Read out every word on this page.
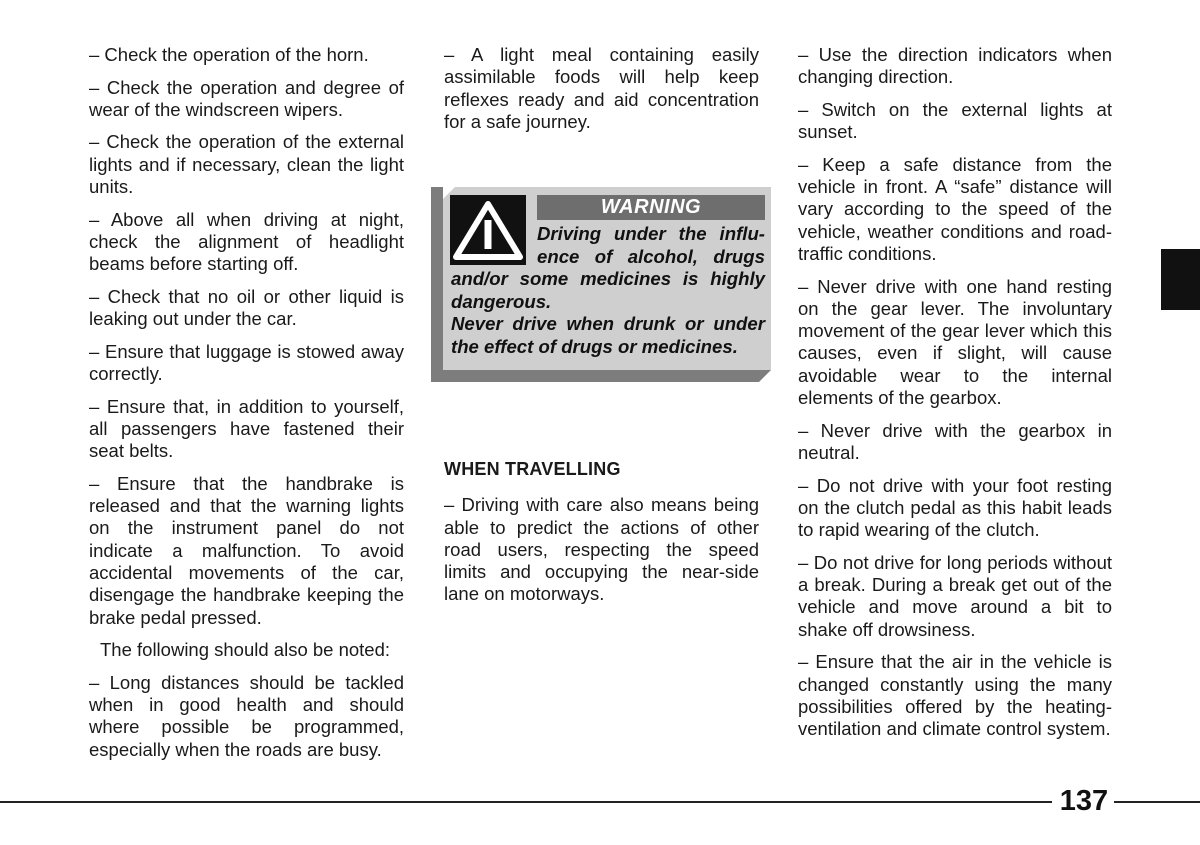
– Check the operation of the horn.

– Check the operation and degree of wear of the windscreen wipers.

– Check the operation of the external lights and if necessary, clean the light units.

– Above all when driving at night, check the alignment of headlight beams before starting off.

– Check that no oil or other liquid is leaking out under the car.

– Ensure that luggage is stowed away correctly.

– Ensure that, in addition to yourself, all passengers have fastened their seat belts.

– Ensure that the handbrake is released and that the warning lights on the instrument panel do not indicate a malfunction. To avoid accidental movements of the car, disengage the handbrake keeping the brake pedal pressed.

The following should also be noted:

– Long distances should be tackled when in good health and should where possible be programmed, especially when the roads are busy.

– A light meal containing easily assimilable foods will help keep reflexes ready and aid concentration for a safe journey.

WARNING
Driving under the influ-
ence of alcohol, drugs
and/or some medicines is highly
dangerous.
Never drive when drunk or under
the effect of drugs or medicines.
WHEN TRAVELLING

– Driving with care also means being able to predict the actions of other road users, respecting the speed limits and occupying the near-side lane on motorways.

– Use the direction indicators when changing direction.

– Switch on the external lights at sunset.

– Keep a safe distance from the vehicle in front. A “safe” distance will vary according to the speed of the vehicle, weather conditions and road-traffic conditions.

– Never drive with one hand resting on the gear lever. The involuntary movement of the gear lever which this causes, even if slight, will cause avoidable wear to the internal elements of the gearbox.

– Never drive with the gearbox in neutral.

– Do not drive with your foot resting on the clutch pedal as this habit leads to rapid wearing of the clutch.

– Do not drive for long periods without a break. During a break get out of the vehicle and move around a bit to shake off drowsiness.

– Ensure that the air in the vehicle is changed constantly using the many possibilities offered by the heating-ventilation and climate control system.

137
